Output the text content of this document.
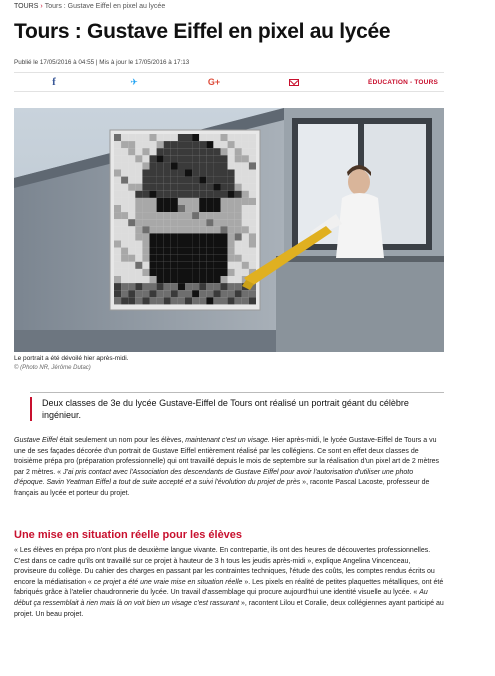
TOURS › Tours : Gustave Eiffel en pixel au lycée
Tours : Gustave Eiffel en pixel au lycée
Publié le 17/05/2016 à 04:55 | Mis à jour le 17/05/2016 à 17:13
f	✈	G+	ÉDUCATION - TOURS
Le portrait a été dévoilé hier après-midi.
© (Photo NR, Jérôme Dutac)

Deux classes de 3e du lycée Gustave-Eiffel de Tours ont réalisé un portrait géant du célèbre ingénieur.

Gustave Eiffel était seulement un nom pour les élèves, maintenant c'est un visage. Hier après-midi, le lycée Gustave-Eiffel de Tours a vu une de ses façades décorée d'un portrait de Gustave Eiffel entièrement réalisé par les collégiens. Ce sont en effet deux classes de troisième prépa pro (préparation professionnelle) qui ont travaillé depuis le mois de septembre sur la réalisation d'un pixel art de 2 mètres par 2 mètres. « J'ai pris contact avec l'Association des descendants de Gustave Eiffel pour avoir l'autorisation d'utiliser une photo d'époque. Savin Yeatman Eiffel a tout de suite accepté et a suivi l'évolution du projet de près », raconte Pascal Lacoste, professeur de français au lycée et porteur du projet.

Une mise en situation réelle pour les élèves

« Les élèves en prépa pro n'ont plus de deuxième langue vivante. En contrepartie, ils ont des heures de découvertes professionnelles. C'est dans ce cadre qu'ils ont travaillé sur ce projet à hauteur de 3 h tous les jeudis après-midi », explique Angelina Vincenceau, proviseure du collège. Du cahier des charges en passant par les contraintes techniques, l'étude des coûts, les comptes rendus écrits ou encore la médiatisation « ce projet a été une vraie mise en situation réelle ». Les pixels en réalité de petites plaquettes métalliques, ont été fabriqués grâce à l'atelier chaudronnerie du lycée. Un travail d'assemblage qui procure aujourd'hui une identité visuelle au lycée. « Au début ça ressemblait à rien mais là on voit bien un visage c'est rassurant », racontent Lilou et Coralie, deux collégiennes ayant participé au projet. Un beau projet.
